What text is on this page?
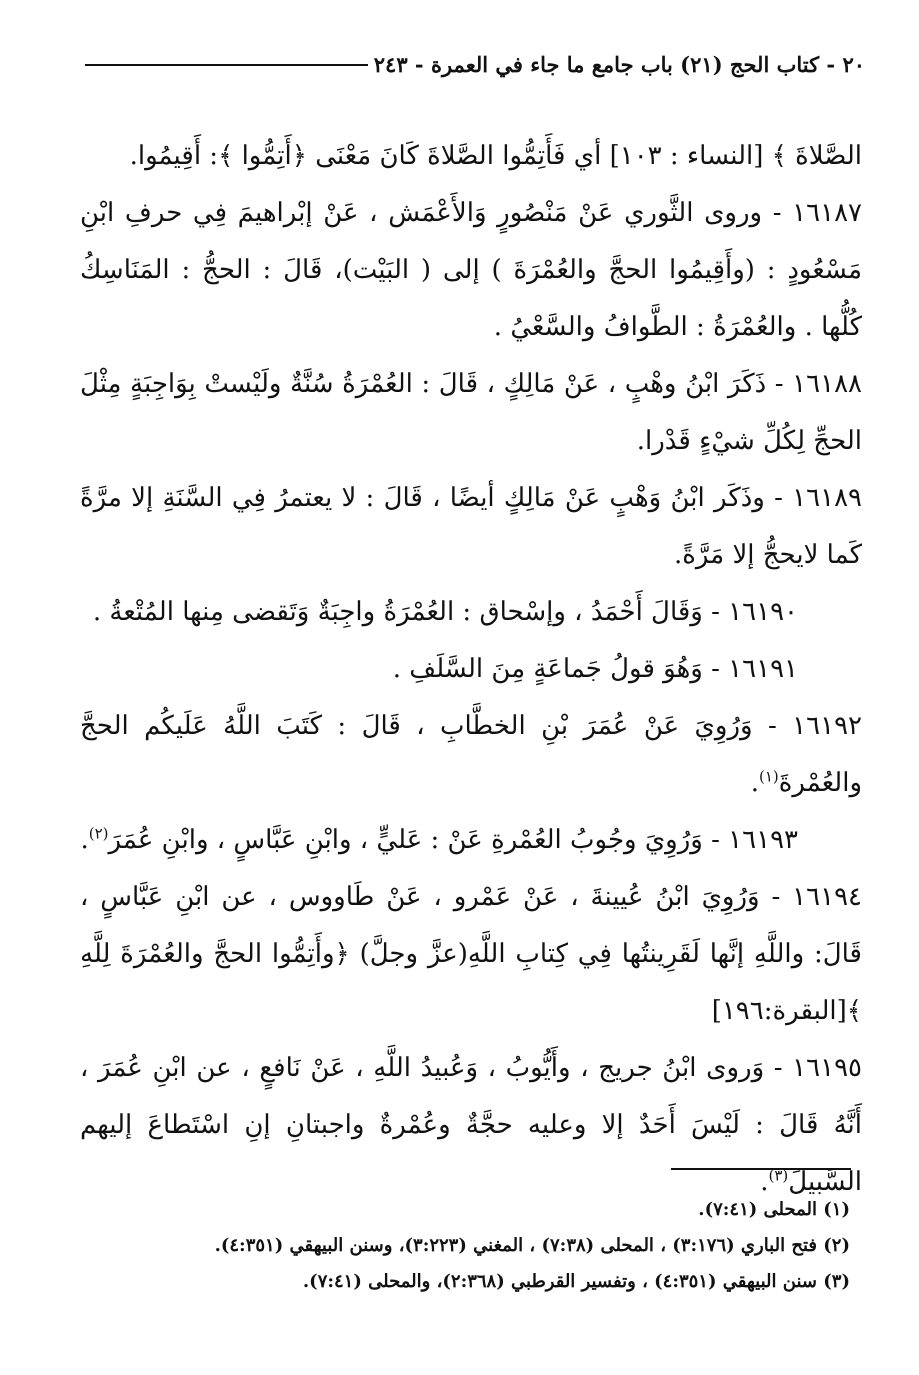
٢٠ - كتاب الحج (٢١) باب جامع ما جاء في العمرة - ٢٤٣

الصَّلاةَ ﴾ [النساء : ١٠٣] أي فَأَتِمُّوا الصَّلاةَ كَانَ مَعْنَى ﴿أَتِمُّوا ﴾: أَقِيمُوا.

١٦١٨٧ - وروى الثَّوري عَنْ مَنْصُورٍ وَالأَعْمَش ، عَنْ إبْراهيمَ فِي حرفِ ابْنِ مَسْعُودٍ : (وأَقِيمُوا الحجَّ والعُمْرَةَ ) إلى ( البَيْت)، قَالَ : الحجُّ : المَنَاسِكُ كُلُّها . والعُمْرَةُ : الطَّوافُ والسَّعْيُ .

١٦١٨٨ - ذَكَرَ ابْنُ وهْبٍ ، عَنْ مَالِكٍ ، قَالَ : العُمْرَةُ سُنَّةٌ ولَيْستْ بِوَاجِبَةٍ مِثْلَ الحجِّ لِكُلِّ شيْءٍ قَدْرا.

١٦١٨٩ - وذَكَر ابْنُ وَهْبٍ عَنْ مَالِكٍ أيضًا ، قَالَ : لا يعتمرُ فِي السَّنَةِ إلا مرَّةً كَما لايحجُّ إلا مَرَّةً.

١٦١٩٠ - وَقَالَ أَحْمَدُ ، وإسْحاق : العُمْرَةُ واجِبَةٌ وَتَقضى مِنها المُتْعةُ .

١٦١٩١ - وَهُوَ قولُ جَماعَةٍ مِنَ السَّلَفِ .

١٦١٩٢ - وَرُوِيَ عَنْ عُمَرَ بْنِ الخطَّابِ ، قَالَ : كَتَبَ اللَّهُ عَلَيكُم الحجَّ والعُمْرةَ$^{(١)}$.

١٦١٩٣ - وَرُوِيَ وجُوبُ العُمْرةِ عَنْ : عَليٍّ ، وابْنِ عَبَّاسٍ ، وابْنِ عُمَرَ$^{(٢)}$.

١٦١٩٤ - وَرُوِيَ ابْنُ عُيينةَ ، عَنْ عَمْرو ، عَنْ طَاووس ، عن ابْنِ عَبَّاسٍ ، قَالَ: واللَّهِ إنَّها لَقَرِينتُها فِي كِتابِ اللَّهِ(عزَّ وجلَّ) ﴿وأَتِمُّوا الحجَّ والعُمْرَةَ لِلَّهِ ﴾[البقرة:١٩٦]

١٦١٩٥ - وَروى ابْنُ جريج ، وأَيُّوبُ ، وَعُبيدُ اللَّهِ ، عَنْ نَافعٍ ، عن ابْنِ عُمَرَ ، أَنَّهُ قَالَ : لَيْسَ أَحَدٌ إلا وعليه حجَّةٌ وعُمْرةٌ واجبتانِ إنِ اسْتَطاعَ إليهم السَّبيلَ$^{(٣)}$.

(١) المحلى (٧:٤١).

(٢) فتح الباري (٣:١٧٦) ، المحلى (٧:٣٨) ، المغني (٣:٢٢٣)، وسنن البيهقي (٤:٣٥١).

(٣) سنن البيهقي (٤:٣٥١) ، وتفسير القرطبي (٢:٣٦٨)، والمحلى (٧:٤١).
